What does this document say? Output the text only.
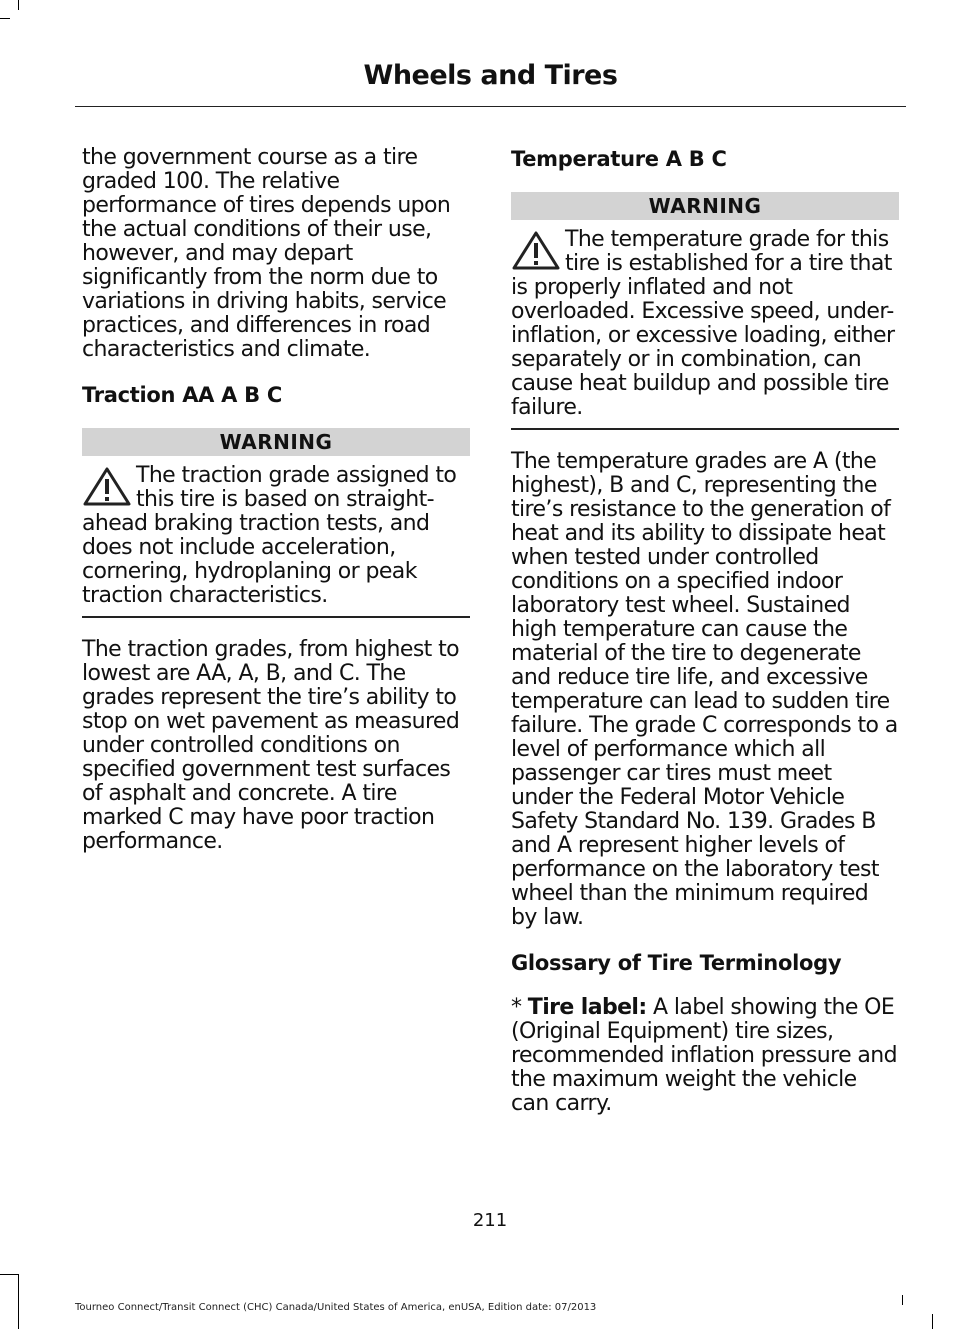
Wheels and Tires

the government course as a tire graded 100. The relative performance of tires depends upon the actual conditions of their use, however, and may depart significantly from the norm due to variations in driving habits, service practices, and differences in road characteristics and climate.

Traction AA A B C
WARNING

The traction grade assigned to this tire is based on straight-ahead braking traction tests, and does not include acceleration, cornering, hydroplaning or peak traction characteristics.

The traction grades, from highest to lowest are AA, A, B, and C. The grades represent the tire’s ability to stop on wet pavement as measured under controlled conditions on specified government test surfaces of asphalt and concrete. A tire marked C may have poor traction performance.

Temperature A B C
WARNING

The temperature grade for this tire is established for a tire that is properly inflated and not overloaded. Excessive speed, under-inflation, or excessive loading, either separately or in combination, can cause heat buildup and possible tire failure.

The temperature grades are A (the highest), B and C, representing the tire’s resistance to the generation of heat and its ability to dissipate heat when tested under controlled conditions on a specified indoor laboratory test wheel. Sustained high temperature can cause the material of the tire to degenerate and reduce tire life, and excessive temperature can lead to sudden tire failure. The grade C corresponds to a level of performance which all passenger car tires must meet under the Federal Motor Vehicle Safety Standard No. 139. Grades B and A represent higher levels of performance on the laboratory test wheel than the minimum required by law.

Glossary of Tire Terminology

* Tire label: A label showing the OE (Original Equipment) tire sizes, recommended inflation pressure and the maximum weight the vehicle can carry.

211
Tourneo Connect/Transit Connect (CHC) Canada/United States of America, enUSA, Edition date: 07/2013
